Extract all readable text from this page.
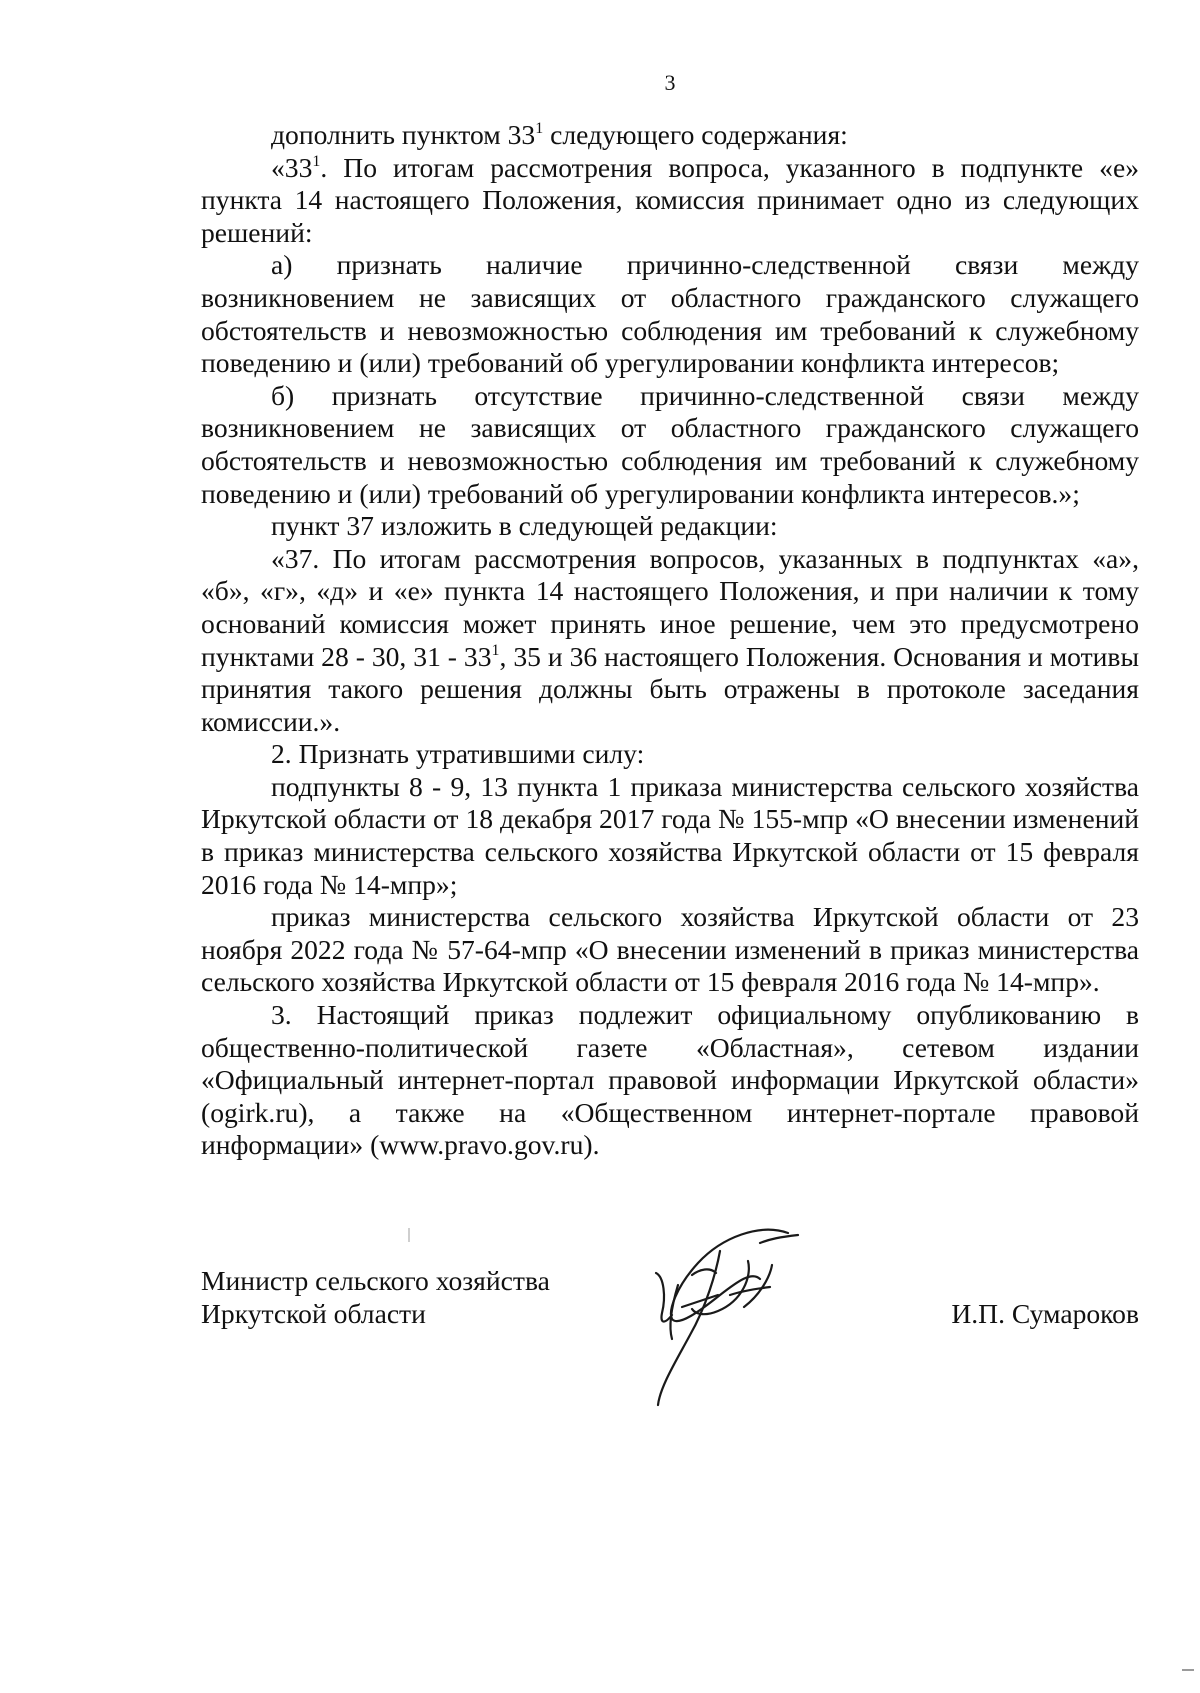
3

дополнить пунктом $33^1$ следующего содержания:

«$33^1$. По итогам рассмотрения вопроса, указанного в подпункте «е» пункта 14 настоящего Положения, комиссия принимает одно из следующих решений:

а) признать наличие причинно-следственной связи между возникновением не зависящих от областного гражданского служащего обстоятельств и невозможностью соблюдения им требований к служебному поведению и (или) требований об урегулировании конфликта интересов;

б) признать отсутствие причинно-следственной связи между возникновением не зависящих от областного гражданского служащего обстоятельств и невозможностью соблюдения им требований к служебному поведению и (или) требований об урегулировании конфликта интересов.»;

пункт 37 изложить в следующей редакции:

«37. По итогам рассмотрения вопросов, указанных в подпунктах «а», «б», «г», «д» и «е» пункта 14 настоящего Положения, и при наличии к тому оснований комиссия может принять иное решение, чем это предусмотрено пунктами 28 - 30, $31 - 33^1$, 35 и 36 настоящего Положения. Основания и мотивы принятия такого решения должны быть отражены в протоколе заседания комиссии.».

2. Признать утратившими силу:

подпункты 8 - 9, 13 пункта 1 приказа министерства сельского хозяйства Иркутской области от 18 декабря 2017 года № 155-мпр «О внесении изменений в приказ министерства сельского хозяйства Иркутской области от 15 февраля 2016 года № 14-мпр»;

приказ министерства сельского хозяйства Иркутской области от 23 ноября 2022 года № 57-64-мпр «О внесении изменений в приказ министерства сельского хозяйства Иркутской области от 15 февраля 2016 года № 14-мпр».

3. Настоящий приказ подлежит официальному опубликованию в общественно-политической газете «Областная», сетевом издании «Официальный интернет-портал правовой информации Иркутской области» (ogirk.ru), а также на «Общественном интернет-портале правовой информации» (www.pravo.gov.ru).

Министр сельского хозяйства
Иркутской области	И.П. Сумароков
